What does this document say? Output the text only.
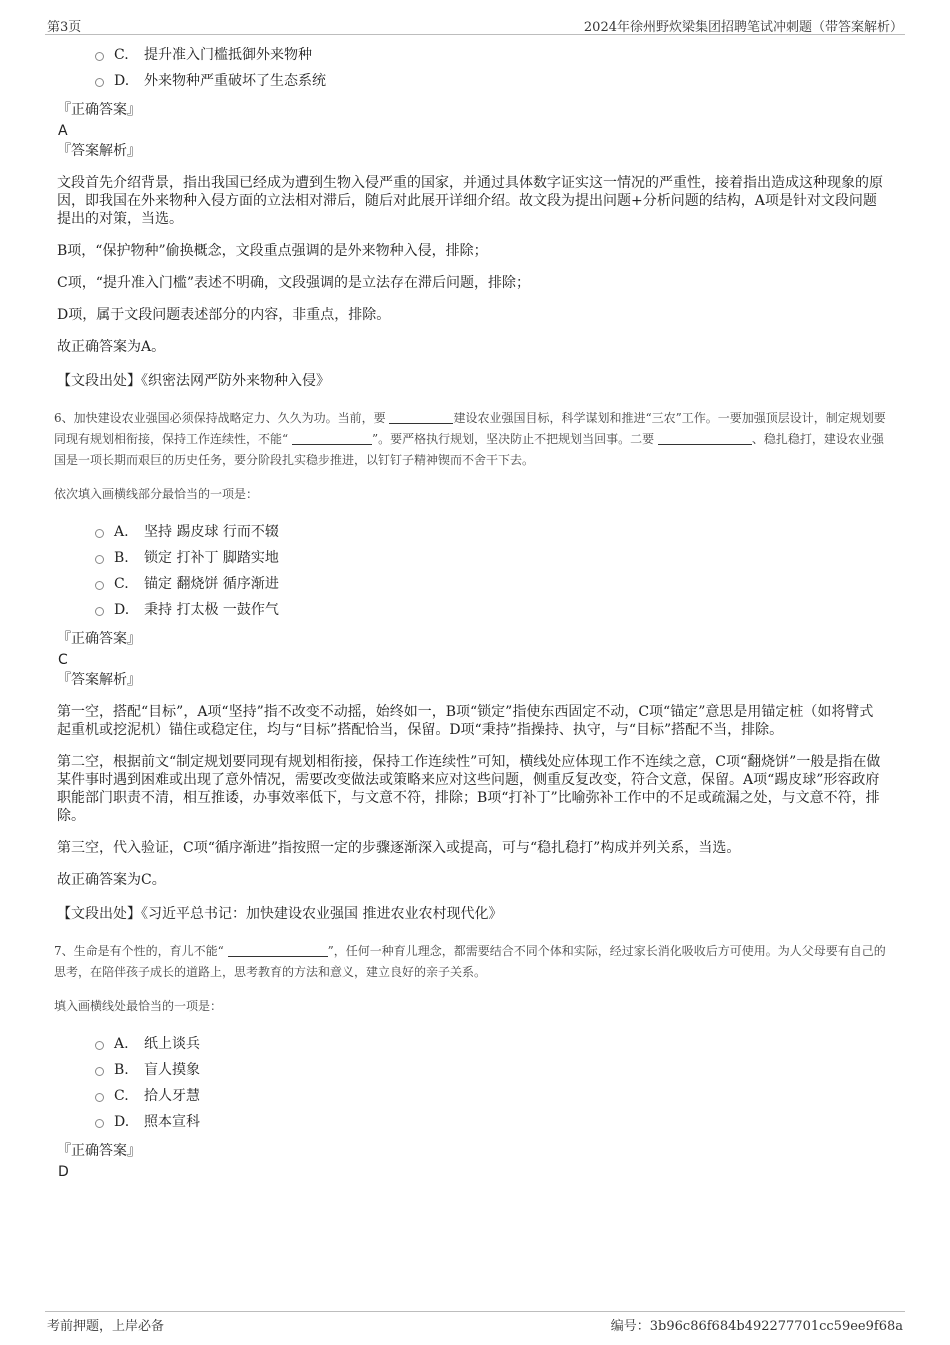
第3页	2024年徐州野炊梁集团招聘笔试冲刺题（带答案解析）
C.	提升准入门槛抵御外来物种
D.	外来物种严重破坏了生态系统
『正确答案』
A
『答案解析』

文段首先介绍背景，指出我国已经成为遭到生物入侵严重的国家，并通过具体数字证实这一情况的严重性，接着指出造成这种现象的原因，即我国在外来物种入侵方面的立法相对滞后，随后对此展开详细介绍。故文段为提出问题+分析问题的结构，A项是针对文段问题提出的对策，当选。

B项，“保护物种”偷换概念，文段重点强调的是外来物种入侵，排除；

C项，“提升准入门槛”表述不明确，文段强调的是立法存在滞后问题，排除；

D项，属于文段问题表述部分的内容，非重点，排除。

故正确答案为A。

【文段出处】《织密法网严防外来物种入侵》

6、加快建设农业强国必须保持战略定力、久久为功。当前，要	建设农业强国目标，科学谋划和推进“三农”工作。一要加强顶层设计，制定规划要同现有规划相衔接，保持工作连续性，不能“	”。要严格执行规划，坚决防止不把规划当回事。二要	、稳扎稳打，建设农业强国是一项长期而艰巨的历史任务，要分阶段扎实稳步推进，以钉钉子精神锲而不舍干下去。

依次填入画横线部分最恰当的一项是：

A.	坚持 踢皮球 行而不辍
B.	锁定 打补丁 脚踏实地
C.	锚定 翻烧饼 循序渐进
D.	秉持 打太极 一鼓作气
『正确答案』
C
『答案解析』

第一空，搭配“目标”，A项“坚持”指不改变不动摇，始终如一，B项“锁定”指使东西固定不动，C项“锚定”意思是用锚定桩（如将臂式起重机或挖泥机）锚住或稳定住，均与“目标”搭配恰当，保留。D项“秉持”指操持、执守，与“目标”搭配不当，排除。

第二空，根据前文“制定规划要同现有规划相衔接，保持工作连续性”可知，横线处应体现工作不连续之意，C项“翻烧饼”一般是指在做某件事时遇到困难或出现了意外情况，需要改变做法或策略来应对这些问题，侧重反复改变，符合文意，保留。A项“踢皮球”形容政府职能部门职责不清，相互推诿，办事效率低下，与文意不符，排除；B项“打补丁”比喻弥补工作中的不足或疏漏之处，与文意不符，排除。

第三空，代入验证，C项“循序渐进”指按照一定的步骤逐渐深入或提高，可与“稳扎稳打”构成并列关系，当选。

故正确答案为C。

【文段出处】《习近平总书记：加快建设农业强国 推进农业农村现代化》

7、生命是有个性的，育儿不能“	”，任何一种育儿理念，都需要结合不同个体和实际，经过家长消化吸收后方可使用。为人父母要有自己的思考，在陪伴孩子成长的道路上，思考教育的方法和意义，建立良好的亲子关系。

填入画横线处最恰当的一项是：

A.	纸上谈兵
B.	盲人摸象
C.	拾人牙慧
D.	照本宣科
『正确答案』
D
考前押题，上岸必备	编号：3b96c86f684b492277701cc59ee9f68a
